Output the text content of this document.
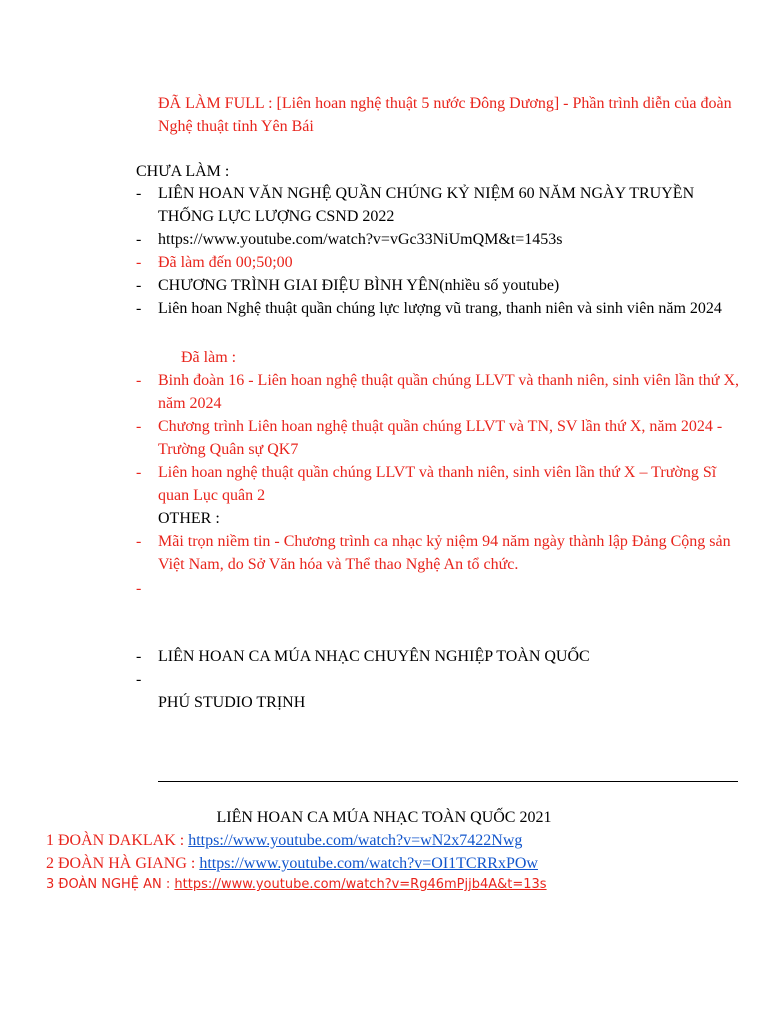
ĐÃ LÀM FULL : [Liên hoan nghệ thuật 5 nước Đông Dương] - Phần trình diễn của đoàn Nghệ thuật tỉnh Yên Bái
CHƯA LÀM :
- LIÊN HOAN VĂN NGHỆ QUẦN CHÚNG KỶ NIỆM 60 NĂM NGÀY TRUYỀN THỐNG LỰC LƯỢNG CSND 2022
- https://www.youtube.com/watch?v=vGc33NiUmQM&t=1453s
- Đã làm đến 00;50;00
- CHƯƠNG TRÌNH GIAI ĐIỆU BÌNH YÊN(nhiều số youtube)
- Liên hoan Nghệ thuật quần chúng lực lượng vũ trang, thanh niên và sinh viên năm 2024
Đã làm :
- Binh đoàn 16 - Liên hoan nghệ thuật quần chúng LLVT và thanh niên, sinh viên lần thứ X, năm 2024
- Chương trình Liên hoan nghệ thuật quần chúng LLVT và TN, SV lần thứ X, năm 2024 - Trường Quân sự QK7
- Liên hoan nghệ thuật quần chúng LLVT và thanh niên, sinh viên lần thứ X – Trường Sĩ quan Lục quân 2
OTHER :
- Mãi trọn niềm tin - Chương trình ca nhạc kỷ niệm 94 năm ngày thành lập Đảng Cộng sản Việt Nam, do Sở Văn hóa và Thể thao Nghệ An tổ chức.
-
- LIÊN HOAN CA MÚA NHẠC CHUYÊN NGHIỆP TOÀN QUỐC
-
PHÚ STUDIO TRỊNH
LIÊN HOAN CA MÚA NHẠC TOÀN QUỐC 2021
1 ĐOÀN DAKLAK : https://www.youtube.com/watch?v=wN2x7422Nwg
2 ĐOÀN HÀ GIANG : https://www.youtube.com/watch?v=OI1TCRRxPOw
3 ĐOÀN NGHỆ AN : https://www.youtube.com/watch?v=Rg46mPjjb4A&t=13s
